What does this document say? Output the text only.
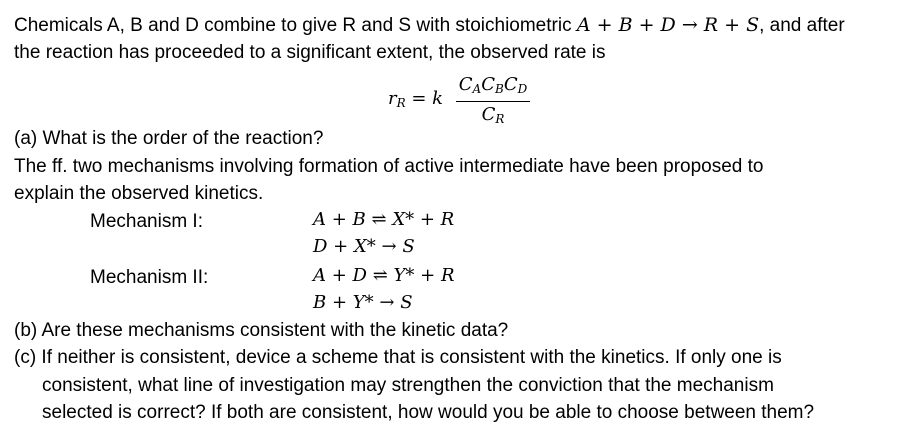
Chemicals A, B and D combine to give R and S with stoichiometric A + B + D → R + S, and after
the reaction has proceeded to a significant extent, the observed rate is
$r_R = k$
$C_AC_BC_D$
$C_R$
(a) What is the order of the reaction?
The ff. two mechanisms involving formation of active intermediate have been proposed to
explain the observed kinetics.
Mechanism I:	A + B ⇌ X* + R
D + X* → S
Mechanism II:	A + D ⇌ Y* + R
B + Y* → S
(b) Are these mechanisms consistent with the kinetic data?
(c) If neither is consistent, device a scheme that is consistent with the kinetics. If only one is
consistent, what line of investigation may strengthen the conviction that the mechanism
selected is correct? If both are consistent, how would you be able to choose between them?
